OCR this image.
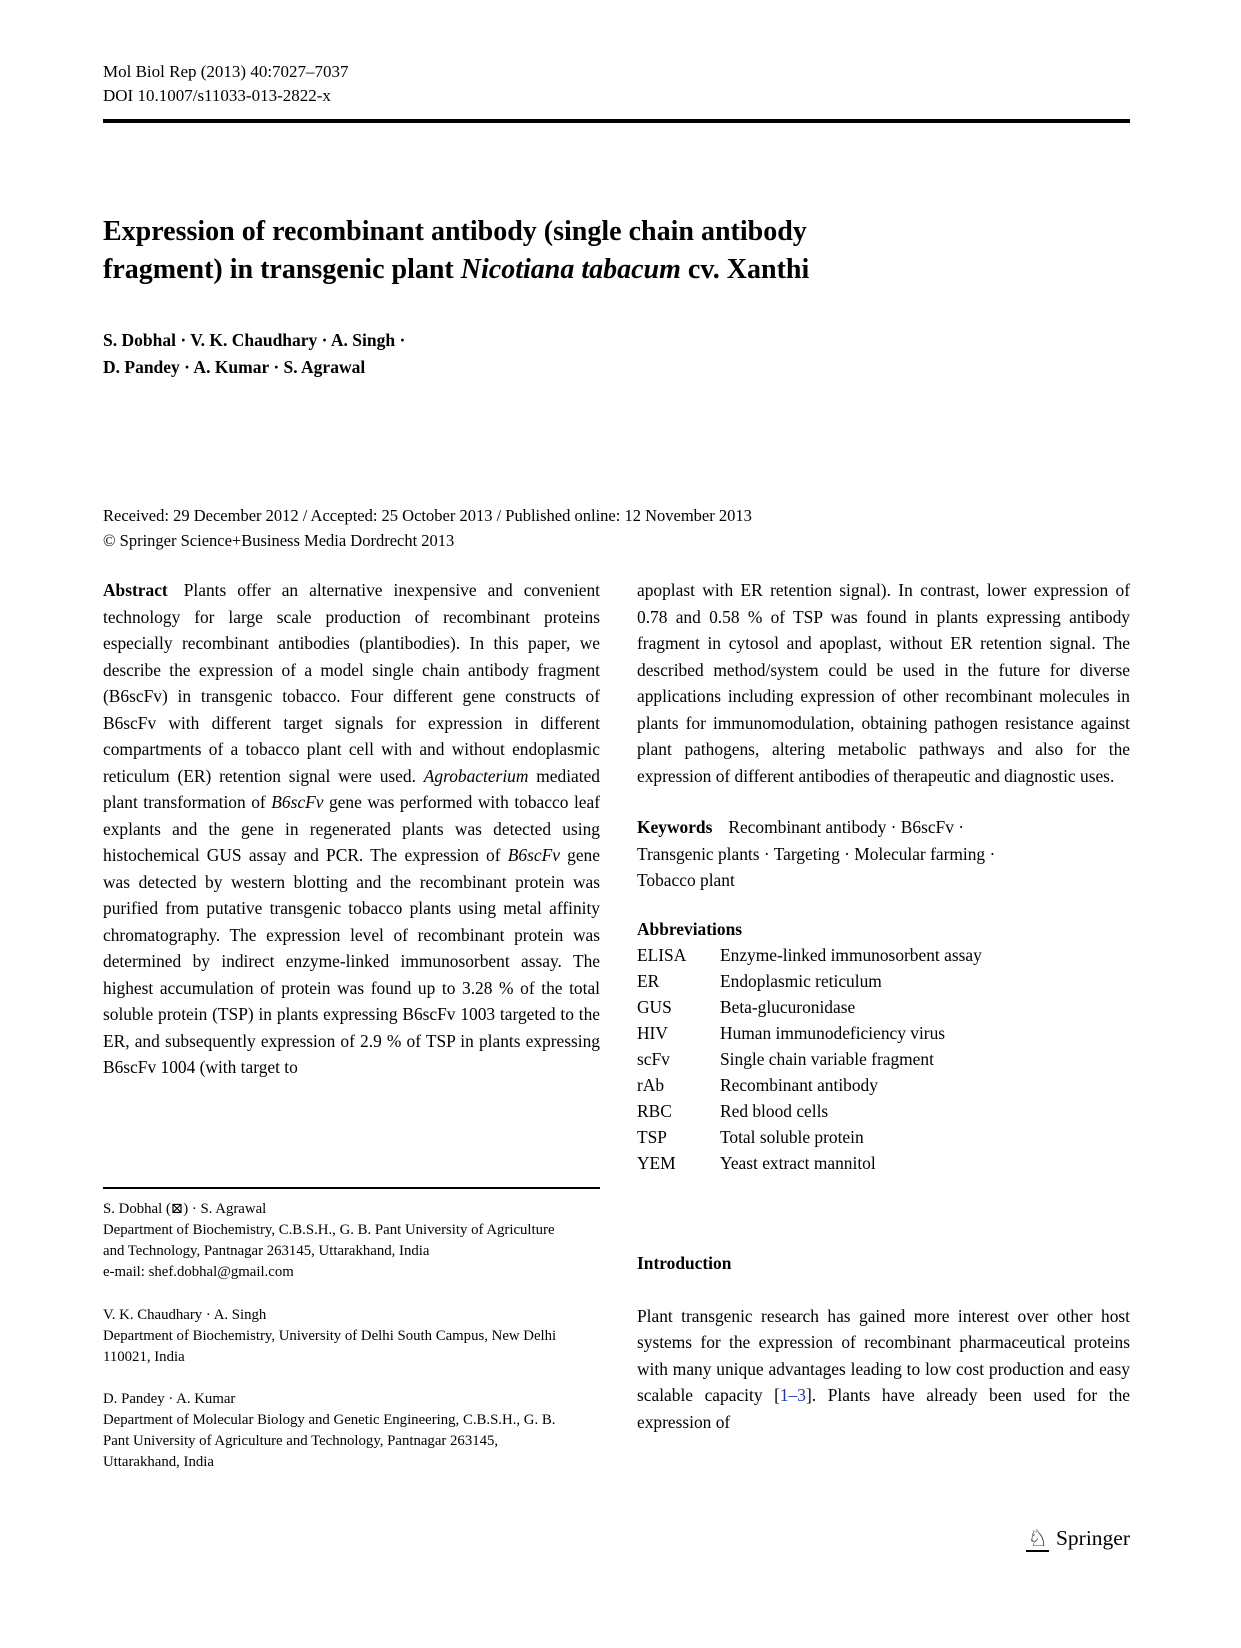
Mol Biol Rep (2013) 40:7027–7037
DOI 10.1007/s11033-013-2822-x
Expression of recombinant antibody (single chain antibody
fragment) in transgenic plant Nicotiana tabacum cv. Xanthi
S. Dobhal · V. K. Chaudhary · A. Singh ·
D. Pandey · A. Kumar · S. Agrawal
Received: 29 December 2012 / Accepted: 25 October 2013 / Published online: 12 November 2013
© Springer Science+Business Media Dordrecht 2013

Abstract Plants offer an alternative inexpensive and convenient technology for large scale production of recombinant proteins especially recombinant antibodies (plantibodies). In this paper, we describe the expression of a model single chain antibody fragment (B6scFv) in transgenic tobacco. Four different gene constructs of B6scFv with different target signals for expression in different compartments of a tobacco plant cell with and without endoplasmic reticulum (ER) retention signal were used. Agrobacterium mediated plant transformation of B6scFv gene was performed with tobacco leaf explants and the gene in regenerated plants was detected using histochemical GUS assay and PCR. The expression of B6scFv gene was detected by western blotting and the recombinant protein was purified from putative transgenic tobacco plants using metal affinity chromatography. The expression level of recombinant protein was determined by indirect enzyme-linked immunosorbent assay. The highest accumulation of protein was found up to 3.28 % of the total soluble protein (TSP) in plants expressing B6scFv 1003 targeted to the ER, and subsequently expression of 2.9 % of TSP in plants expressing B6scFv 1004 (with target to

apoplast with ER retention signal). In contrast, lower expression of 0.78 and 0.58 % of TSP was found in plants expressing antibody fragment in cytosol and apoplast, without ER retention signal. The described method/system could be used in the future for diverse applications including expression of other recombinant molecules in plants for immunomodulation, obtaining pathogen resistance against plant pathogens, altering metabolic pathways and also for the expression of different antibodies of therapeutic and diagnostic uses.

Keywords Recombinant antibody · B6scFv ·
Transgenic plants · Targeting · Molecular farming ·
Tobacco plant

Abbreviations

ELISA	Enzyme-linked immunosorbent assay
ER	Endoplasmic reticulum
GUS	Beta-glucuronidase
HIV	Human immunodeficiency virus
scFv	Single chain variable fragment
rAb	Recombinant antibody
RBC	Red blood cells
TSP	Total soluble protein
YEM	Yeast extract mannitol

Introduction

Plant transgenic research has gained more interest over other host systems for the expression of recombinant pharmaceutical proteins with many unique advantages leading to low cost production and easy scalable capacity [1–3]. Plants have already been used for the expression of

S. Dobhal (⊠) · S. Agrawal
Department of Biochemistry, C.B.S.H., G. B. Pant University of Agriculture and Technology, Pantnagar 263145, Uttarakhand, India
e-mail: shef.dobhal@gmail.com
V. K. Chaudhary · A. Singh
Department of Biochemistry, University of Delhi South Campus, New Delhi 110021, India
D. Pandey · A. Kumar
Department of Molecular Biology and Genetic Engineering, C.B.S.H., G. B. Pant University of Agriculture and Technology, Pantnagar 263145, Uttarakhand, India
♘ Springer
